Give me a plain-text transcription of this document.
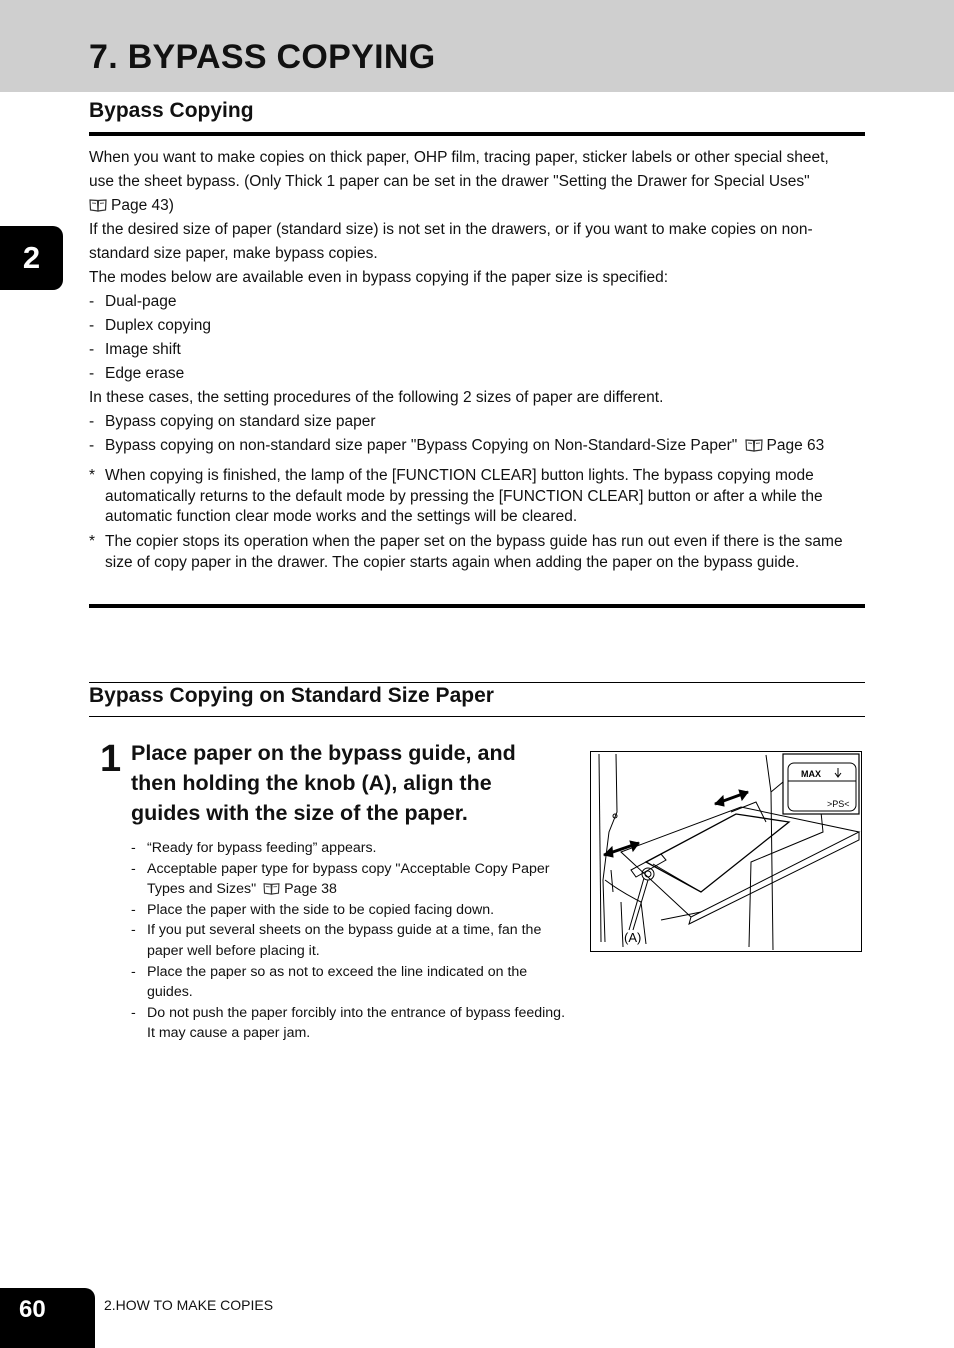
7. BYPASS COPYING
2
Bypass Copying

When you want to make copies on thick paper, OHP film, tracing paper, sticker labels or other special sheet,

use the sheet bypass. (Only Thick 1 paper can be set in the drawer "Setting the Drawer for Special Uses"

Page 43)

If the desired size of paper (standard size) is not set in the drawers, or if you want to make copies on non-standard size paper, make bypass copies.

The modes below are available even in bypass copying if the paper size is specified:

- Dual-page

- Duplex copying

- Image shift

- Edge erase

In these cases, the setting procedures of the following 2 sizes of paper are different.

- Bypass copying on standard size paper

- Bypass copying on non-standard size paper "Bypass Copying on Non-Standard-Size Paper" Page 63

* When copying is finished, the lamp of the [FUNCTION CLEAR] button lights. The bypass copying mode automatically returns to the default mode by pressing the [FUNCTION CLEAR] button or after a while the automatic function clear mode works and the settings will be cleared.

* The copier stops its operation when the paper set on the bypass guide has run out even if there is the same size of copy paper in the drawer. The copier starts again when adding the paper on the bypass guide.

Bypass Copying on Standard Size Paper
1 Place paper on the bypass guide, and then holding the knob (A), align the guides with the size of the paper.

- “Ready for bypass feeding” appears.
- Acceptable paper type for bypass copy "Acceptable Copy Paper Types and Sizes" Page 38
- Place the paper with the side to be copied facing down.
- If you put several sheets on the bypass guide at a time, fan the paper well before placing it.
- Place the paper so as not to exceed the line indicated on the guides.
- Do not push the paper forcibly into the entrance of bypass feeding. It may cause a paper jam.
MAX
>PS<
(A)
60	2.HOW TO MAKE COPIES
